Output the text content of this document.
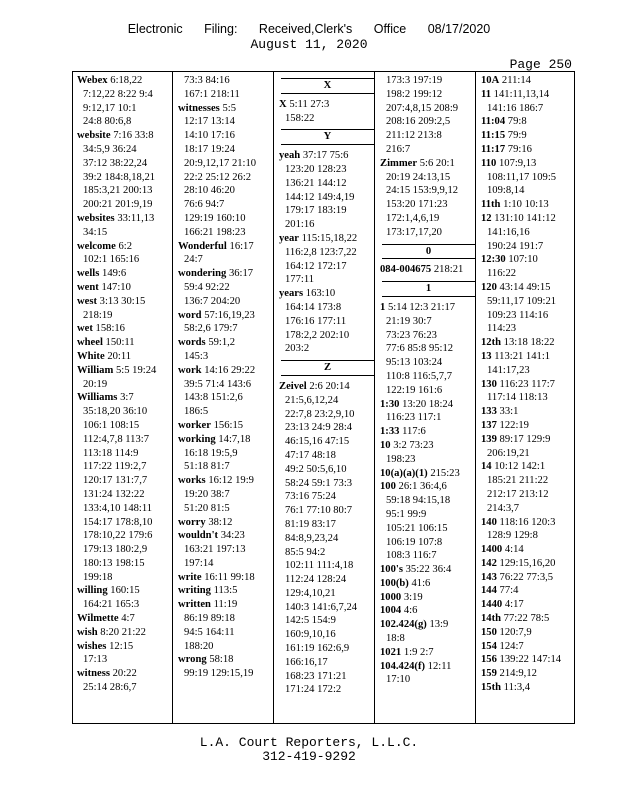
Electronic Filing: Received,Clerk's Office 08/17/2020
August 11, 2020
Page 250
Webex 6:18,22
7:12,22 8:22 9:4
9:12,17 10:1
24:8 80:6,8
website 7:16 33:8
34:5,9 36:24
37:12 38:22,24
39:2 184:8,18,21
185:3,21 200:13
200:21 201:9,19
websites 33:11,13
34:15
welcome 6:2
102:1 165:16
wells 149:6
went 147:10
west 3:13 30:15
218:19
wet 158:16
wheel 150:11
White 20:11
William 5:5 19:24
20:19
Williams 3:7
35:18,20 36:10
106:1 108:15
112:4,7,8 113:7
113:18 114:9
117:22 119:2,7
120:17 131:7,7
131:24 132:22
133:4,10 148:11
154:17 178:8,10
178:10,22 179:6
179:13 180:2,9
180:13 198:15
199:18
willing 160:15
164:21 165:3
Wilmette 4:7
wish 8:20 21:22
wishes 12:15
17:13
witness 20:22
25:14 28:6,7
73:3 84:16
167:1 218:11
witnesses 5:5
12:17 13:14
14:10 17:16
18:17 19:24
20:9,12,17 21:10
22:2 25:12 26:2
28:10 46:20
76:6 94:7
129:19 160:10
166:21 198:23
Wonderful 16:17
24:7
wondering 36:17
59:4 92:22
136:7 204:20
word 57:16,19,23
58:2,6 179:7
words 59:1,2
145:3
work 14:16 29:22
39:5 71:4 143:6
143:8 151:2,6
186:5
worker 156:15
working 14:7,18
16:18 19:5,9
51:18 81:7
works 16:12 19:9
19:20 38:7
51:20 81:5
worry 38:12
wouldn't 34:23
163:21 197:13
197:14
write 16:11 99:18
writing 113:5
written 11:19
86:19 89:18
94:5 164:11
188:20
wrong 58:18
99:19 129:15,19
X
X 5:11 27:3
158:22
Y
yeah 37:17 75:6
123:20 128:23
136:21 144:12
144:12 149:4,19
179:17 183:19
201:16
year 115:15,18,22
116:2,8 123:7,22
164:12 172:17
177:11
years 163:10
164:14 173:8
176:16 177:11
178:2,2 202:10
203:2
Z
Zeivel 2:6 20:14
21:5,6,12,24
22:7,8 23:2,9,10
23:13 24:9 28:4
46:15,16 47:15
47:17 48:18
49:2 50:5,6,10
58:24 59:1 73:3
73:16 75:24
76:1 77:10 80:7
81:19 83:17
84:8,9,23,24
85:5 94:2
102:11 111:4,18
112:24 128:24
129:4,10,21
140:3 141:6,7,24
142:5 154:9
160:9,10,16
161:19 162:6,9
166:16,17
168:23 171:21
171:24 172:2
173:3 197:19
198:2 199:12
207:4,8,15 208:9
208:16 209:2,5
211:12 213:8
216:7
Zimmer 5:6 20:1
20:19 24:13,15
24:15 153:9,9,12
153:20 171:23
172:1,4,6,19
173:17,17,20
0
084-004675 218:21
1
1 5:14 12:3 21:17
21:19 30:7
73:23 76:23
77:6 85:8 95:12
95:13 103:24
110:8 116:5,7,7
122:19 161:6
1:30 13:20 18:24
116:23 117:1
1:33 117:6
10 3:2 73:23
198:23
10(a)(a)(1) 215:23
100 26:1 36:4,6
59:18 94:15,18
95:1 99:9
105:21 106:15
106:19 107:8
108:3 116:7
100's 35:22 36:4
100(b) 41:6
1000 3:19
1004 4:6
102.424(g) 13:9
18:8
1021 1:9 2:7
104.424(f) 12:11
17:10
10A 211:14
11 141:11,13,14
141:16 186:7
11:04 79:8
11:15 79:9
11:17 79:16
110 107:9,13
108:11,17 109:5
109:8,14
11th 1:10 10:13
12 131:10 141:12
141:16,16
190:24 191:7
12:30 107:10
116:22
120 43:14 49:15
59:11,17 109:21
109:23 114:16
114:23
12th 13:18 18:22
13 113:21 141:1
141:17,23
130 116:23 117:7
117:14 118:13
133 33:1
137 122:19
139 89:17 129:9
206:19,21
14 10:12 142:1
185:21 211:22
212:17 213:12
214:3,7
140 118:16 120:3
128:9 129:8
1400 4:14
142 129:15,16,20
143 76:22 77:3,5
144 77:4
1440 4:17
14th 77:22 78:5
150 120:7,9
154 124:7
156 139:22 147:14
159 214:9,12
15th 11:3,4
L.A. Court Reporters, L.L.C.
312-419-9292
